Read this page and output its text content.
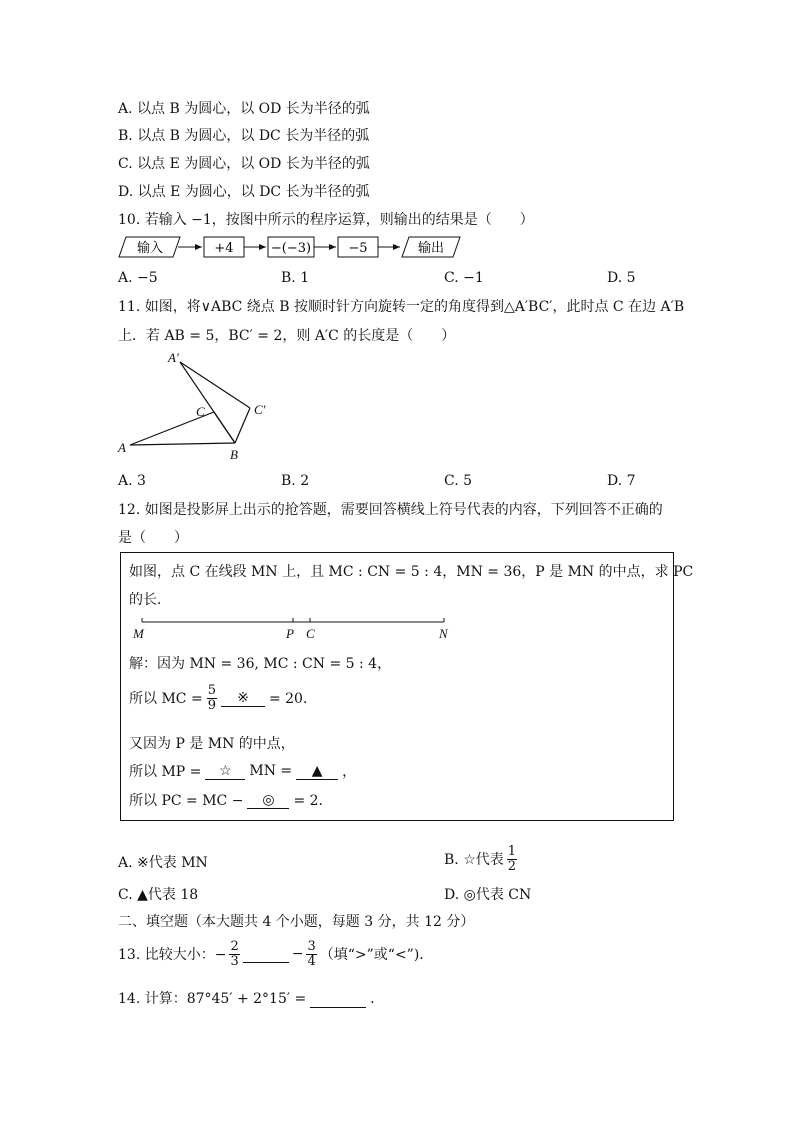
A. 以点 B 为圆心，以 OD 长为半径的弧
B. 以点 B 为圆心，以 DC 长为半径的弧
C. 以点 E 为圆心，以 OD 长为半径的弧
D. 以点 E 为圆心，以 DC 长为半径的弧
10. 若输入 −1，按图中所示的程序运算，则输出的结果是（　　）
输入	+4	−(−3)	−5	输出
A. −5	B. 1	C. −1	D. 5
11. 如图，将∨ABC 绕点 B 按顺时针方向旋转一定的角度得到△A′BC′，此时点 C 在边 A′B
上．若 AB = 5，BC′ = 2，则 A′C 的长度是（　　）
A′
C	C′
A	B
A. 3	B. 2	C. 5	D. 7
12. 如图是投影屏上出示的抢答题，需要回答横线上符号代表的内容，下列回答不正确的
是（　　）
如图，点 C 在线段 MN 上，且 MC : CN = 5 : 4，MN = 36，P 是 MN 的中点，求 PC
的长．
M	P C	N
解：因为 MN = 36, MC : CN = 5 : 4，
所以 MC = $\frac{5}{9}$	※	= 20．
又因为 P 是 MN 的中点，
所以 MP =	☆	MN =	▲	，
所以 PC = MC −	◎	= 2．
A. ※代表 MN	B. ☆代表 $\frac{1}{2}$
C. ▲代表 18	D. ◎代表 CN
二、填空题（本大题共 4 个小题，每题 3 分，共 12 分）
13. 比较大小：− $\frac{2}{3}$	− $\frac{3}{4}$ （填“>”或“<”)．
14. 计算：87°45′ + 2°15′ =	．
